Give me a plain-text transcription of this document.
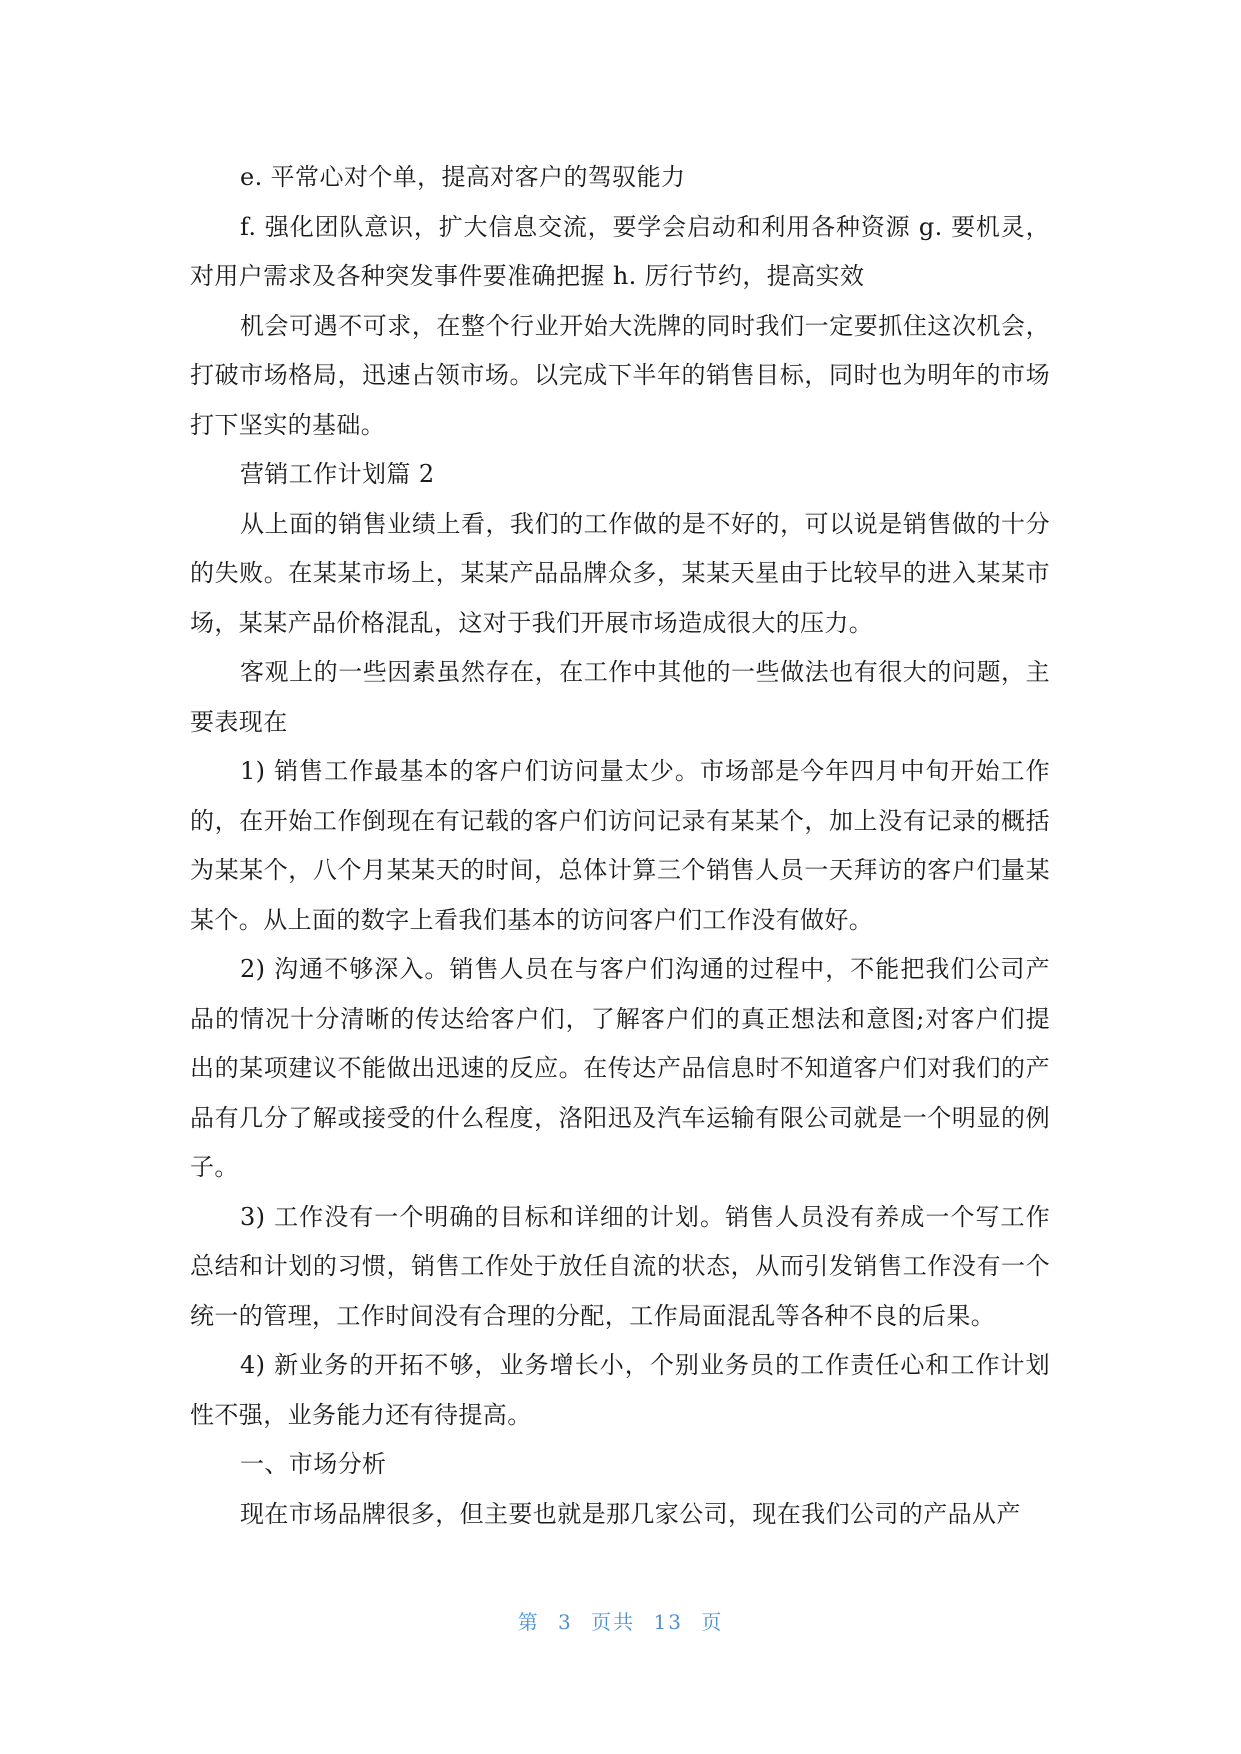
e. 平常心对个单，提高对客户的驾驭能力

f. 强化团队意识，扩大信息交流，要学会启动和利用各种资源 g. 要机灵，对用户需求及各种突发事件要准确把握 h. 厉行节约，提高实效

机会可遇不可求，在整个行业开始大洗牌的同时我们一定要抓住这次机会，打破市场格局，迅速占领市场。以完成下半年的销售目标，同时也为明年的市场打下坚实的基础。

营销工作计划篇 2

从上面的销售业绩上看，我们的工作做的是不好的，可以说是销售做的十分的失败。在某某市场上，某某产品品牌众多，某某天星由于比较早的进入某某市场，某某产品价格混乱，这对于我们开展市场造成很大的压力。

客观上的一些因素虽然存在，在工作中其他的一些做法也有很大的问题，主要表现在

1) 销售工作最基本的客户们访问量太少。市场部是今年四月中旬开始工作的，在开始工作倒现在有记载的客户们访问记录有某某个，加上没有记录的概括为某某个，八个月某某天的时间，总体计算三个销售人员一天拜访的客户们量某某个。从上面的数字上看我们基本的访问客户们工作没有做好。

2) 沟通不够深入。销售人员在与客户们沟通的过程中，不能把我们公司产品的情况十分清晰的传达给客户们，了解客户们的真正想法和意图;对客户们提出的某项建议不能做出迅速的反应。在传达产品信息时不知道客户们对我们的产品有几分了解或接受的什么程度，洛阳迅及汽车运输有限公司就是一个明显的例子。

3) 工作没有一个明确的目标和详细的计划。销售人员没有养成一个写工作总结和计划的习惯，销售工作处于放任自流的状态，从而引发销售工作没有一个统一的管理，工作时间没有合理的分配，工作局面混乱等各种不良的后果。

4) 新业务的开拓不够，业务增长小，个别业务员的工作责任心和工作计划性不强，业务能力还有待提高。

一、市场分析

现在市场品牌很多，但主要也就是那几家公司，现在我们公司的产品从产

第 3 页共 13 页
